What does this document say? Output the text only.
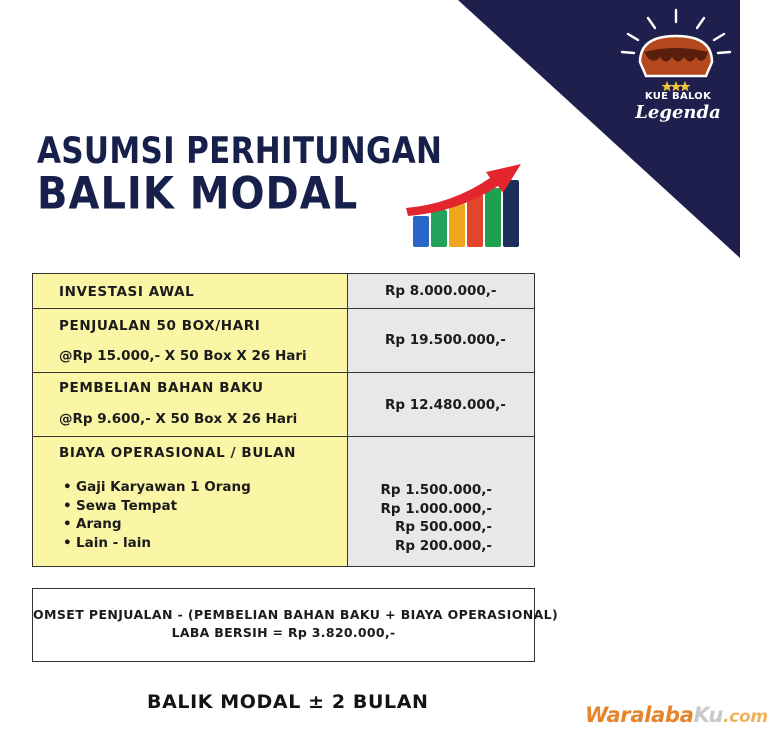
KUE BALOK
Legenda
ASUMSI PERHITUNGAN
BALIK MODAL
INVESTASI AWAL	Rp 8.000.000,-
PENJUALAN 50 BOX/HARI
@Rp 15.000,- X 50 Box X 26 Hari
Rp 19.500.000,-
PEMBELIAN BAHAN BAKU
@Rp 9.600,- X 50 Box X 26 Hari
Rp 12.480.000,-
BIAYA OPERASIONAL / BULAN
• Gaji Karyawan 1 Orang
• Sewa Tempat
• Arang
• Lain - lain
Rp 1.500.000,-
Rp 1.000.000,-
Rp 500.000,-
Rp 200.000,-
OMSET PENJUALAN - (PEMBELIAN BAHAN BAKU + BIAYA OPERASIONAL)
LABA BERSIH = Rp 3.820.000,-
BALIK MODAL ± 2 BULAN
WaralabaKu.com
